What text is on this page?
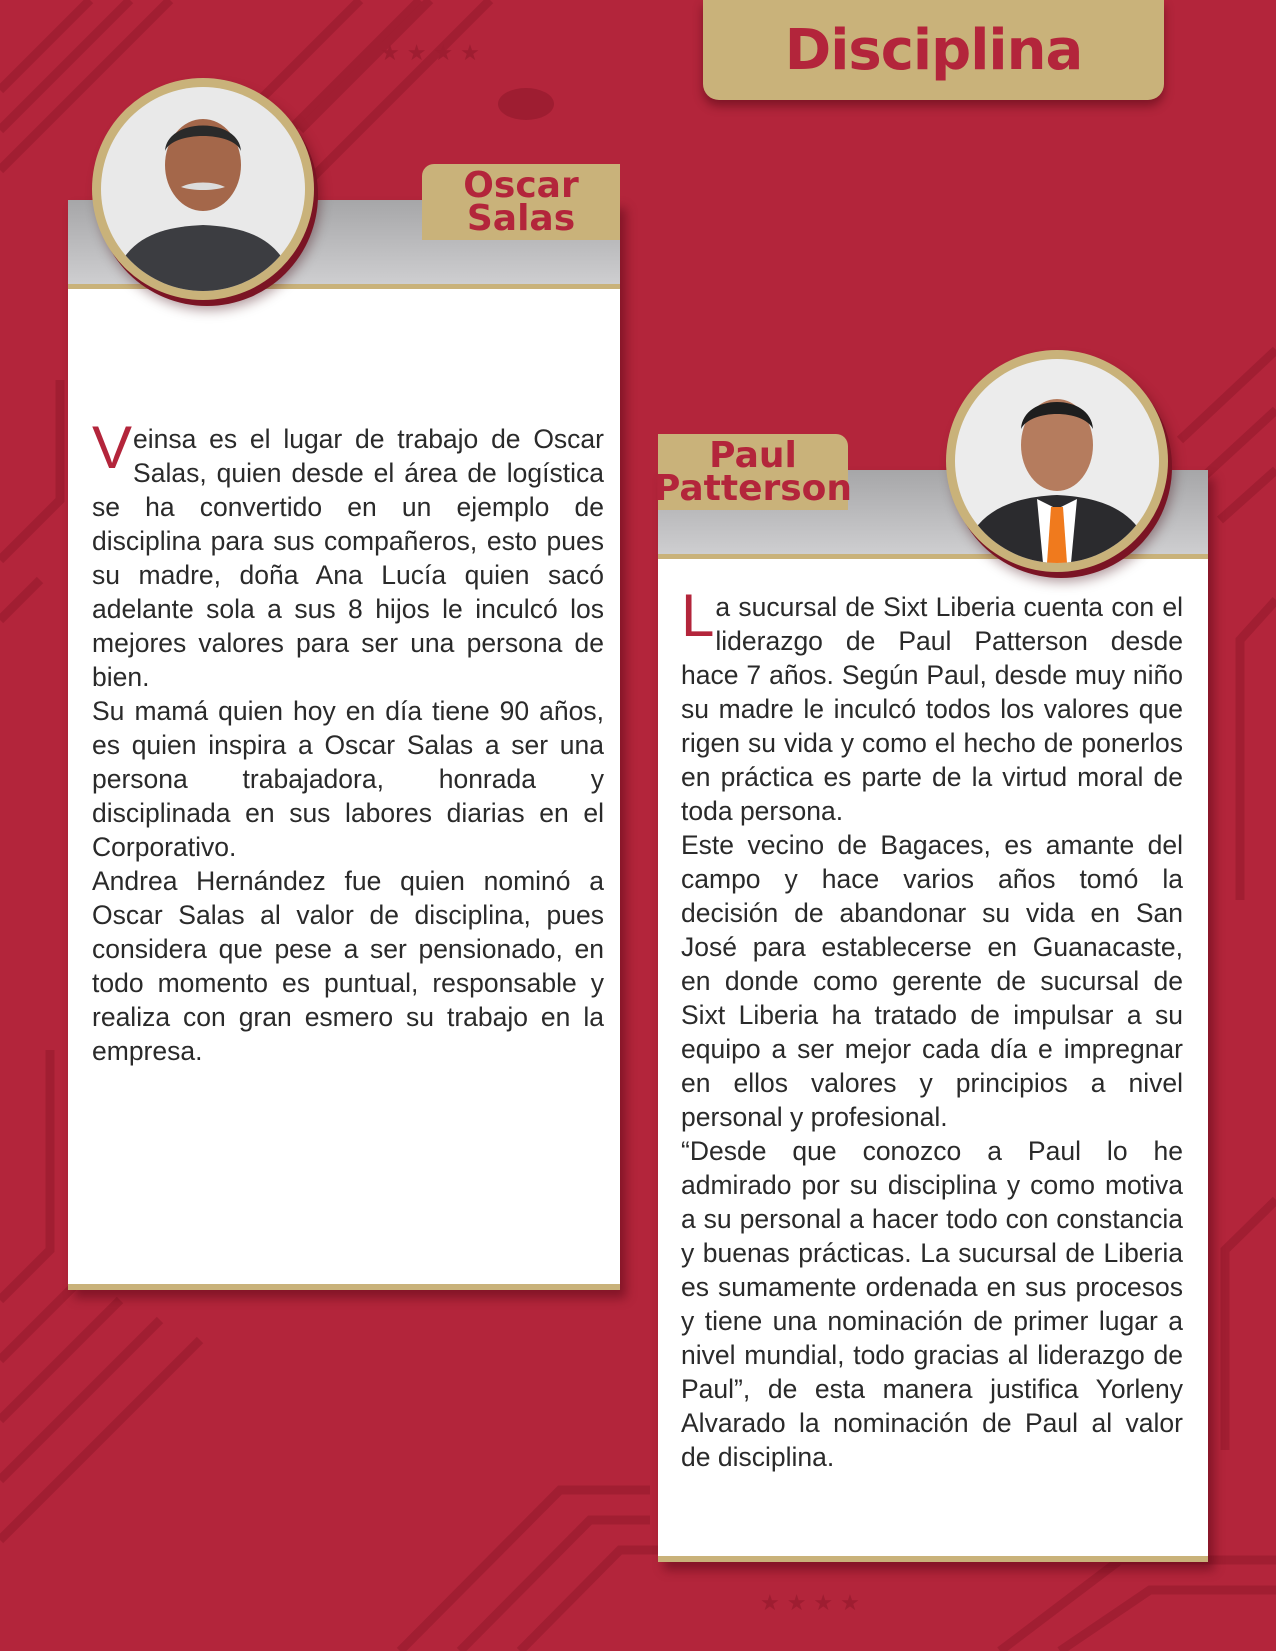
★ ★ ★ ★
★ ★ ★ ★
Disciplina
Oscar
Salas

Veinsa es el lugar de trabajo de Oscar Salas, quien desde el área de logística se ha convertido en un ejemplo de disciplina para sus compañeros, esto pues su madre, doña Ana Lucía quien sacó adelante sola a sus 8 hijos le inculcó los mejores valores para ser una persona de bien.

Su mamá quien hoy en día tiene 90 años, es quien inspira a Oscar Salas a ser una persona trabajadora, honrada y disciplinada en sus labores diarias en el Corporativo.

Andrea Hernández fue quien nominó a Oscar Salas al valor de disciplina, pues considera que pese a ser pensionado, en todo momento es puntual, responsable y realiza con gran esmero su trabajo en la empresa.

Paul
Patterson

La sucursal de Sixt Liberia cuenta con el liderazgo de Paul Patterson desde hace 7 años. Según Paul, desde muy niño su madre le inculcó todos los valores que rigen su vida y como el hecho de ponerlos en práctica es parte de la virtud moral de toda persona.

Este vecino de Bagaces, es amante del campo y hace varios años tomó la decisión de abandonar su vida en San José para establecerse en Guanacaste, en donde como gerente de sucursal de Sixt Liberia ha tratado de impulsar a su equipo a ser mejor cada día e impregnar en ellos valores y principios a nivel personal y profesional.

“Desde que conozco a Paul lo he admirado por su disciplina y como motiva a su personal a hacer todo con constancia y buenas prácticas. La sucursal de Liberia es sumamente ordenada en sus procesos y tiene una nominación de primer lugar a nivel mundial, todo gracias al liderazgo de Paul”, de esta manera justifica Yorleny Alvarado la nominación de Paul al valor de disciplina.
